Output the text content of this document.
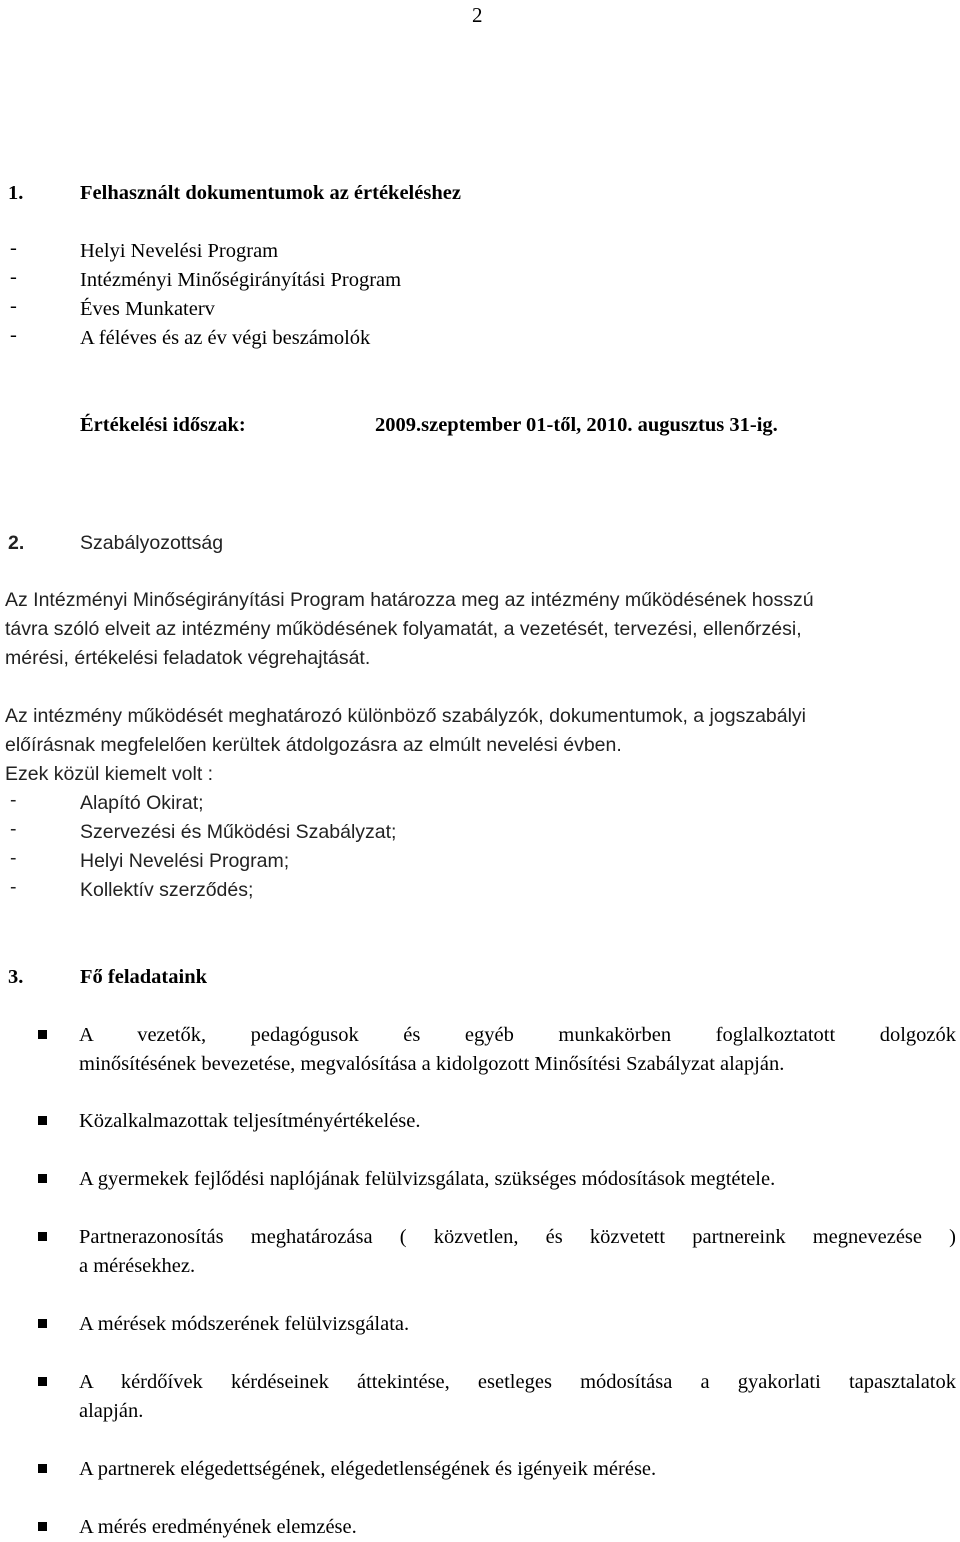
2
1.	Felhasznált dokumentumok az értékeléshez
Helyi Nevelési Program
Intézményi Minőségirányítási Program
Éves Munkaterv
A féléves és az év végi beszámolók
Értékelési időszak:	2009.szeptember 01-től, 2010. augusztus 31-ig.
2.	Szabályozottság
Az Intézményi Minőségirányítási Program határozza meg az intézmény működésének hosszú
távra szóló elveit az intézmény működésének folyamatát, a vezetését, tervezési, ellenőrzési,
mérési, értékelési feladatok végrehajtását.
Az intézmény működését meghatározó különböző szabályzók, dokumentumok, a jogszabályi
előírásnak megfelelően kerültek átdolgozásra az elmúlt nevelési évben.
Ezek közül kiemelt volt :
Alapító Okirat;
Szervezési és Működési Szabályzat;
Helyi Nevelési Program;
Kollektív szerződés;
3.	Fő feladataink
A vezetők, pedagógusok és egyéb munkakörben foglalkoztatott dolgozók
minősítésének bevezetése, megvalósítása a kidolgozott Minősítési Szabályzat alapján.
Közalkalmazottak teljesítményértékelése.
A gyermekek fejlődési naplójának felülvizsgálata, szükséges módosítások megtétele.
Partnerazonosítás meghatározása ( közvetlen, és közvetett partnereink megnevezése )
a mérésekhez.
A mérések módszerének felülvizsgálata.
A kérdőívek kérdéseinek áttekintése, esetleges módosítása a gyakorlati tapasztalatok
alapján.
A partnerek elégedettségének, elégedetlenségének és igényeik mérése.
A mérés eredményének elemzése.
